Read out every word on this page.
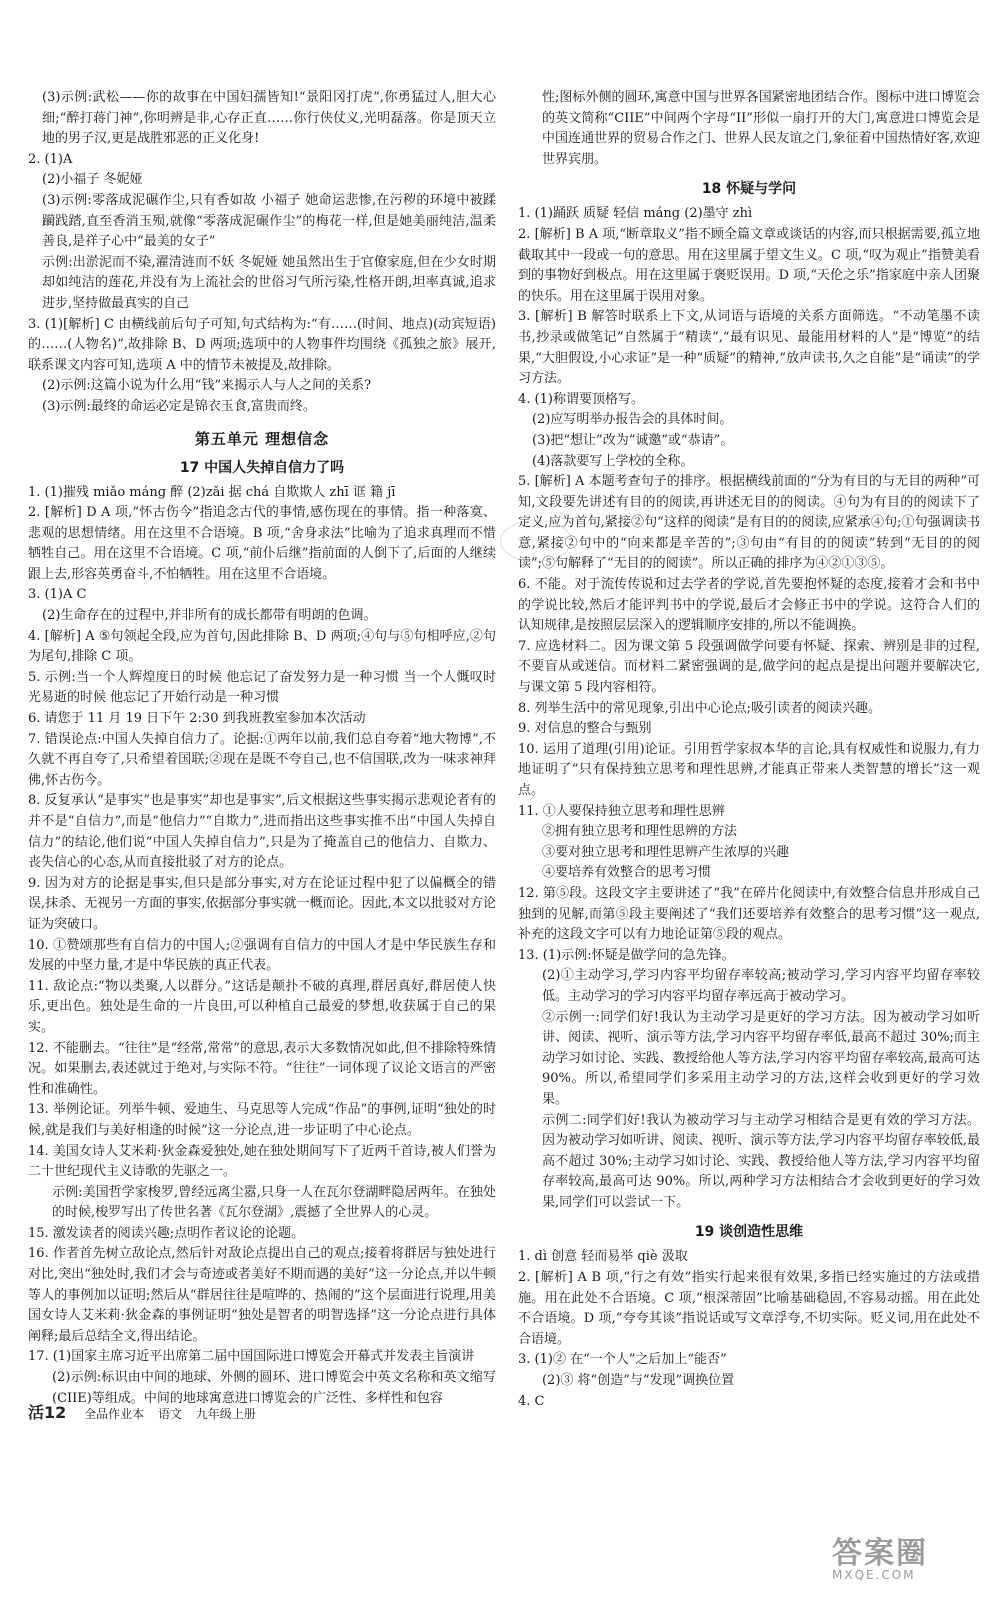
(3)示例:武松——你的故事在中国妇孺皆知!“景阳冈打虎”,你勇猛过人,胆大心细;“醉打蒋门神”,你明辨是非,心存正直……你行侠仗义,光明磊落。你是顶天立地的男子汉,更是战胜邪恶的正义化身!

2. (1)A

(2)小福子 冬妮娅

(3)示例:零落成泥碾作尘,只有香如故 小福子 她命运悲惨,在污秽的环境中被蹂躏践踏,直至香消玉殒,就像“零落成泥碾作尘”的梅花一样,但是她美丽纯洁,温柔善良,是祥子心中“最美的女子”

示例:出淤泥而不染,濯清涟而不妖 冬妮娅 她虽然出生于官僚家庭,但在少女时期却如纯洁的莲花,并没有为上流社会的世俗习气所污染,性格开朗,坦率真诚,追求进步,坚持做最真实的自己

3. (1)[解析] C 由横线前后句子可知,句式结构为:“有……(时间、地点)(动宾短语)的……(人物名)”,故排除 B、D 两项;选项中的人物事件均围绕《孤独之旅》展开,联系课文内容可知,选项 A 中的情节未被提及,故排除。

(2)示例:这篇小说为什么用“钱”来揭示人与人之间的关系?

(3)示例:最终的命运必定是锦衣玉食,富贵而终。

第五单元 理想信念
17 中国人失掉自信力了吗

1. (1)摧残 miǎo máng 醉 (2)zǎi 据 chá 自欺欺人 zhī 诓 籍 jī

2. [解析] D A 项,“怀古伤今”指追念古代的事情,感伤现在的事情。指一种落寞、悲观的思想情绪。用在这里不合语境。B 项,“舍身求法”比喻为了追求真理而不惜牺牲自己。用在这里不合语境。C 项,“前仆后继”指前面的人倒下了,后面的人继续跟上去,形容英勇奋斗,不怕牺牲。用在这里不合语境。

3. (1)A C

(2)生命存在的过程中,并非所有的成长都带有明朗的色调。

4. [解析] A ⑤句领起全段,应为首句,因此排除 B、D 两项;④句与⑤句相呼应,②句为尾句,排除 C 项。

5. 示例:当一个人辉煌度日的时候 他忘记了奋发努力是一种习惯 当一个人慨叹时光易逝的时候 他忘记了开始行动是一种习惯

6. 请您于 11 月 19 日下午 2:30 到我班教室参加本次活动

7. 错误论点:中国人失掉自信力了。论据:①两年以前,我们总自夸着“地大物博”,不久就不再自夸了,只希望着国联;②现在是既不夸自己,也不信国联,改为一味求神拜佛,怀古伤今。

8. 反复承认“是事实”也是事实”却也是事实”,后文根据这些事实揭示悲观论者有的并不是“自信力”,而是“他信力”“自欺力”,进而指出这些事实推不出“中国人失掉自信力”的结论,他们说“中国人失掉自信力”,只是为了掩盖自己的他信力、自欺力、丧失信心的心态,从而直接批驳了对方的论点。

9. 因为对方的论据是事实,但只是部分事实,对方在论证过程中犯了以偏概全的错误,抹杀、无视另一方面的事实,依据部分事实就一概而论。因此,本文以批驳对方论证为突破口。

10. ①赞颂那些有自信力的中国人;②强调有自信力的中国人才是中华民族生存和发展的中坚力量,才是中华民族的真正代表。

11. 敌论点:“物以类聚,人以群分。”这话是颠扑不破的真理,群居真好,群居使人快乐,更出色。独处是生命的一片良田,可以种植自己最爱的梦想,收获属于自己的果实。

12. 不能删去。“往往”是“经常,常常”的意思,表示大多数情况如此,但不排除特殊情况。如果删去,表述就过于绝对,与实际不符。“往往”一词体现了议论文语言的严密性和准确性。

13. 举例论证。列举牛顿、爱迪生、马克思等人完成“作品”的事例,证明“独处的时候,就是我们与美好相逢的时候”这一分论点,进一步证明了中心论点。

14. 美国女诗人艾米莉·狄金森爱独处,她在独处期间写下了近两千首诗,被人们誉为二十世纪现代主义诗歌的先驱之一。

示例:美国哲学家梭罗,曾经远离尘嚣,只身一人在瓦尔登湖畔隐居两年。在独处的时候,梭罗写出了传世名著《瓦尔登湖》,震撼了全世界人的心灵。

15. 激发读者的阅读兴趣;点明作者议论的论题。

16. 作者首先树立敌论点,然后针对敌论点提出自己的观点;接着将群居与独处进行对比,突出“独处时,我们才会与奇迹或者美好不期而遇的美好”这一分论点,并以牛顿等人的事例加以证明;然后从“群居往往是喧哗的、热闹的”这个层面进行说理,用美国女诗人艾米莉·狄金森的事例证明“独处是智者的明智选择”这一分论点进行具体阐释;最后总结全文,得出结论。

17. (1)国家主席习近平出席第二届中国国际进口博览会开幕式并发表主旨演讲

(2)示例:标识由中间的地球、外侧的圆环、进口博览会中英文名称和英文缩写(CIIE)等组成。中间的地球寓意进口博览会的广泛性、多样性和包容

性;图标外侧的圆环,寓意中国与世界各国紧密地团结合作。图标中进口博览会的英文简称“CIIE”中间两个字母“II”形似一扇打开的大门,寓意进口博览会是中国连通世界的贸易合作之门、世界人民友谊之门,象征着中国热情好客,欢迎世界宾朋。

18 怀疑与学问

1. (1)踊跃 质疑 轻信 máng (2)墨守 zhì

2. [解析] B A 项,“断章取义”指不顾全篇文章或谈话的内容,而只根据需要,孤立地截取其中一段或一句的意思。用在这里属于望文生义。C 项,“叹为观止”指赞美看到的事物好到极点。用在这里属于褒贬误用。D 项,“天伦之乐”指家庭中亲人团聚的快乐。用在这里属于误用对象。

3. [解析] B 解答时联系上下文,从词语与语境的关系方面筛选。“不动笔墨不读书,抄录或做笔记”自然属于“精读”,“最有识见、最能用材料的人”是“博览”的结果,“大胆假设,小心求证”是一种“质疑”的精神,“放声读书,久之自能”是“诵读”的学习方法。

4. (1)称谓要顶格写。

(2)应写明举办报告会的具体时间。

(3)把“想让”改为“诚邀”或“恭请”。

(4)落款要写上学校的全称。

5. [解析] A 本题考查句子的排序。根据横线前面的“分为有目的与无目的两种”可知,文段要先讲述有目的的阅读,再讲述无目的的阅读。④句为有目的的阅读下了定义,应为首句,紧接②句“这样的阅读”是有目的的阅读,应紧承④句;①句强调读书意,紧接②句中的“向来都是辛苦的”;③句由“有目的的阅读”转到“无目的的阅读”;⑤句解释了“无目的的阅读”。所以正确的排序为④②①③⑤。

6. 不能。对于流传传说和过去学者的学说,首先要抱怀疑的态度,接着才会和书中的学说比较,然后才能评判书中的学说,最后才会修正书中的学说。这符合人们的认知规律,是按照层层深入的逻辑顺序安排的,所以不能调换。

7. 应选材料二。因为课文第 5 段强调做学问要有怀疑、探索、辨别是非的过程,不要盲从或迷信。而材料二紧密强调的是,做学问的起点是提出问题并要解决它,与课文第 5 段内容相符。

8. 列举生活中的常见现象,引出中心论点;吸引读者的阅读兴趣。

9. 对信息的整合与甄别

10. 运用了道理(引用)论证。引用哲学家叔本华的言论,具有权威性和说服力,有力地证明了“只有保持独立思考和理性思辨,才能真正带来人类智慧的增长”这一观点。

11. ①人要保持独立思考和理性思辨

②拥有独立思考和理性思辨的方法

③要对独立思考和理性思辨产生浓厚的兴趣

④要培养有效整合的思考习惯

12. 第⑤段。这段文字主要讲述了“我”在碎片化阅读中,有效整合信息并形成自己独到的见解,而第⑤段主要阐述了“我们还要培养有效整合的思考习惯”这一观点,补充的这段文字可以有力地论证第⑤段的观点。

13. (1)示例:怀疑是做学问的急先锋。

(2)①主动学习,学习内容平均留存率较高;被动学习,学习内容平均留存率较低。主动学习的学习内容平均留存率远高于被动学习。

②示例一:同学们好!我认为主动学习是更好的学习方法。因为被动学习如听讲、阅读、视听、演示等方法,学习内容平均留存率低,最高不超过 30%;而主动学习如讨论、实践、教授给他人等方法,学习内容平均留存率较高,最高可达 90%。所以,希望同学们多采用主动学习的方法,这样会收到更好的学习效果。

示例二:同学们好!我认为被动学习与主动学习相结合是更有效的学习方法。因为被动学习如听讲、阅读、视听、演示等方法,学习内容平均留存率较低,最高不超过 30%;主动学习如讨论、实践、教授给他人等方法,学习内容平均留存率较高,最高可达 90%。所以,两种学习方法相结合才会收到更好的学习效果,同学们可以尝试一下。

19 谈创造性思维

1. dì 创意 轻而易举 qiè 汲取

2. [解析] A B 项,“行之有效”指实行起来很有效果,多指已经实施过的方法或措施。用在此处不合语境。C 项,“根深蒂固”比喻基础稳固,不容易动摇。用在此处不合语境。D 项,“夸夸其谈”指说话或写文章浮夸,不切实际。贬义词,用在此处不合语境。

3. (1)② 在“一个人”之后加上“能否”

(2)③ 将“创造”与“发现”调换位置

4. C

活12 全品作业本 语文 九年级上册
答案圈
MXQE.COM
